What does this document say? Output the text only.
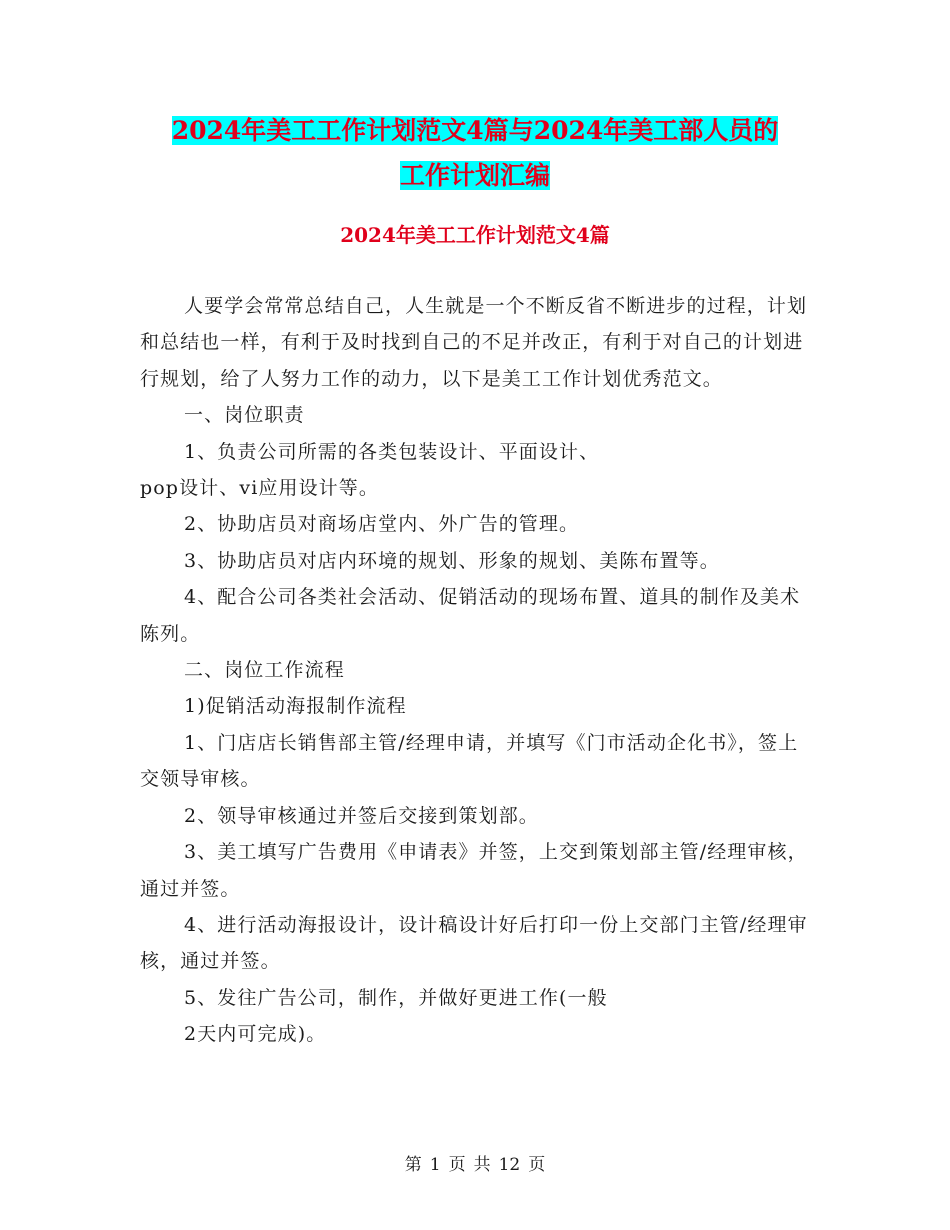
2024年美工工作计划范文4篇与2024年美工部人员的
工作计划汇编
2024年美工工作计划范文4篇

人要学会常常总结自己，人生就是一个不断反省不断进步的过程，计划和总结也一样，有利于及时找到自己的不足并改正，有利于对自己的计划进行规划，给了人努力工作的动力，以下是美工工作计划优秀范文。

一、岗位职责

1、负责公司所需的各类包装设计、平面设计、

pop设计、vi应用设计等。

2、协助店员对商场店堂内、外广告的管理。

3、协助店员对店内环境的规划、形象的规划、美陈布置等。

4、配合公司各类社会活动、促销活动的现场布置、道具的制作及美术陈列。

二、岗位工作流程

1)促销活动海报制作流程

1、门店店长销售部主管/经理申请，并填写《门市活动企化书》，签上交领导审核。

2、领导审核通过并签后交接到策划部。

3、美工填写广告费用《申请表》并签，上交到策划部主管/经理审核，通过并签。

4、进行活动海报设计，设计稿设计好后打印一份上交部门主管/经理审核，通过并签。

5、发往广告公司，制作，并做好更进工作(一般

2天内可完成)。

第 1 页 共 12 页
